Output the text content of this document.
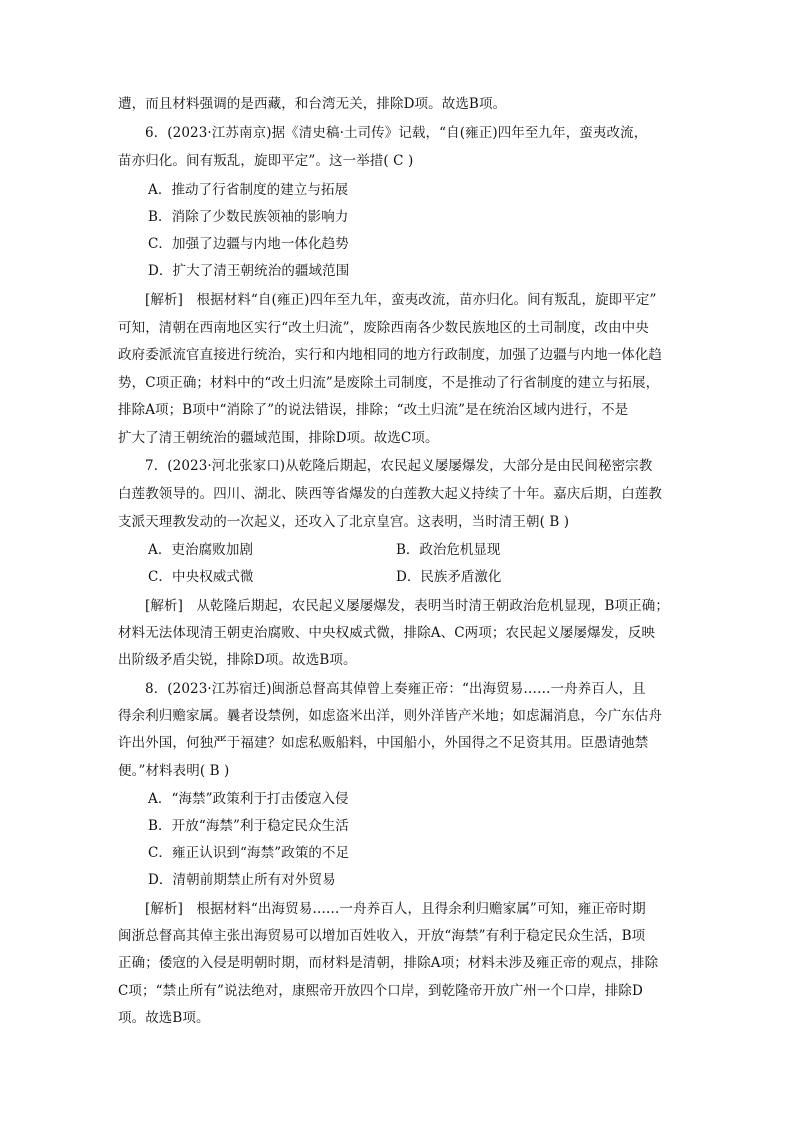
遭，而且材料强调的是西藏，和台湾无关，排除D项。故选B项。
6．(2023·江苏南京)据《清史稿·土司传》记载，“自(雍正)四年至九年，蛮夷改流，
苗亦归化。间有叛乱，旋即平定”。这一举措( C )
A．推动了行省制度的建立与拓展
B．消除了少数民族领袖的影响力
C．加强了边疆与内地一体化趋势
D．扩大了清王朝统治的疆域范围
[解析]　根据材料“自(雍正)四年至九年，蛮夷改流，苗亦归化。间有叛乱，旋即平定”
可知，清朝在西南地区实行“改土归流”，废除西南各少数民族地区的土司制度，改由中央
政府委派流官直接进行统治，实行和内地相同的地方行政制度，加强了边疆与内地一体化趋
势，C项正确；材料中的“改土归流”是废除土司制度，不是推动了行省制度的建立与拓展，
排除A项；B项中“消除了”的说法错误，排除；“改土归流”是在统治区域内进行，不是
扩大了清王朝统治的疆域范围，排除D项。故选C项。
7．(2023·河北张家口)从乾隆后期起，农民起义屡屡爆发，大部分是由民间秘密宗教
白莲教领导的。四川、湖北、陕西等省爆发的白莲教大起义持续了十年。嘉庆后期，白莲教
支派天理教发动的一次起义，还攻入了北京皇宫。这表明，当时清王朝( B )
A．吏治腐败加剧	B．政治危机显现
C．中央权威式微	D．民族矛盾激化
[解析]　从乾隆后期起，农民起义屡屡爆发，表明当时清王朝政治危机显现，B项正确；
材料无法体现清王朝吏治腐败、中央权威式微，排除A、C两项；农民起义屡屡爆发，反映
出阶级矛盾尖锐，排除D项。故选B项。
8．(2023·江苏宿迁)闽浙总督高其倬曾上奏雍正帝：“出海贸易……一舟养百人，且
得余利归赡家属。曩者设禁例，如虑盗米出洋，则外洋皆产米地；如虑漏消息，今广东估舟
许出外国，何独严于福建？如虑私贩船料，中国船小，外国得之不足资其用。臣愚请弛禁
便。”材料表明( B )
A．“海禁”政策利于打击倭寇入侵
B．开放“海禁”利于稳定民众生活
C．雍正认识到“海禁”政策的不足
D．清朝前期禁止所有对外贸易
[解析]　根据材料“出海贸易……一舟养百人，且得余利归赡家属”可知，雍正帝时期
闽浙总督高其倬主张出海贸易可以增加百姓收入，开放“海禁”有利于稳定民众生活，B项
正确；倭寇的入侵是明朝时期，而材料是清朝，排除A项；材料未涉及雍正帝的观点，排除
C项；“禁止所有”说法绝对，康熙帝开放四个口岸，到乾隆帝开放广州一个口岸，排除D
项。故选B项。
